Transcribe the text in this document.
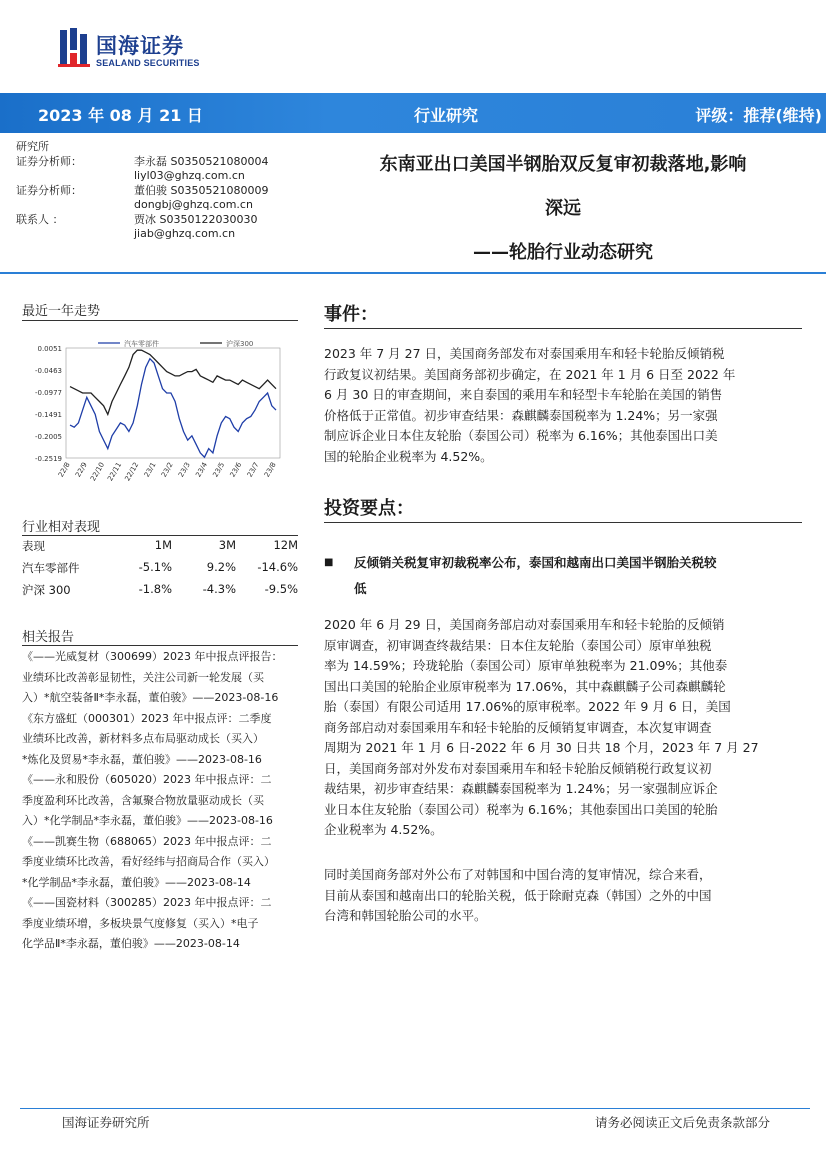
国海证券
SEALAND SECURITIES
2023 年 08 月 21 日	行业研究	评级：推荐(维持)
研究所
证券分析师：	李永磊 S0350521080004
liyl03@ghzq.com.cn
证券分析师：	董伯骏 S0350521080009
dongbj@ghzq.com.cn
联系人 ：	贾冰 S0350122030030
jiab@ghzq.com.cn
东南亚出口美国半钢胎双反复审初裁落地,影响
深远
——轮胎行业动态研究
最近一年走势
0.0051
-0.0463
-0.0977
-0.1491
-0.2005
-0.2519
22/8 22/9 22/10 22/11 22/12 23/1 23/2 23/3 23/4 23/5 23/6 23/7 23/8
汽车零部件	沪深300
行业相对表现
表现	1M	3M	12M
汽车零部件	-5.1%	9.2% -14.6%
沪深 300	-1.8%	-4.3% -9.5%
相关报告
《——光威复材（300699）2023 年中报点评报告：
业绩环比改善彰显韧性，关注公司新一轮发展（买
入）*航空装备Ⅱ*李永磊，董伯骏》——2023-08-16
《东方盛虹（000301）2023 年中报点评：二季度
业绩环比改善，新材料多点布局驱动成长（买入）
*炼化及贸易*李永磊，董伯骏》——2023-08-16
《——永和股份（605020）2023 年中报点评：二
季度盈利环比改善，含氟聚合物放量驱动成长（买
入）*化学制品*李永磊，董伯骏》——2023-08-16
《——凯赛生物（688065）2023 年中报点评：二
季度业绩环比改善，看好经纬与招商局合作（买入）
*化学制品*李永磊，董伯骏》——2023-08-14
《——国瓷材料（300285）2023 年中报点评：二
季度业绩环增，多板块景气度修复（买入）*电子
化学品Ⅱ*李永磊，董伯骏》——2023-08-14
事件：
2023 年 7 月 27 日，美国商务部发布对泰国乘用车和轻卡轮胎反倾销税
行政复议初结果。美国商务部初步确定，在 2021 年 1 月 6 日至 2022 年
6 月 30 日的审查期间，来自泰国的乘用车和轻型卡车轮胎在美国的销售
价格低于正常值。初步审查结果：森麒麟泰国税率为 1.24%；另一家强
制应诉企业日本住友轮胎（泰国公司）税率为 6.16%；其他泰国出口美
国的轮胎企业税率为 4.52%。
投资要点：
■ 反倾销关税复审初裁税率公布，泰国和越南出口美国半钢胎关税较
低
2020 年 6 月 29 日，美国商务部启动对泰国乘用车和轻卡轮胎的反倾销
原审调查，初审调查终裁结果：日本住友轮胎（泰国公司）原审单独税
率为 14.59%；玲珑轮胎（泰国公司）原审单独税率为 21.09%；其他泰
国出口美国的轮胎企业原审税率为 17.06%，其中森麒麟子公司森麒麟轮
胎（泰国）有限公司适用 17.06%的原审税率。2022 年 9 月 6 日，美国
商务部启动对泰国乘用车和轻卡轮胎的反倾销复审调查，本次复审调查
周期为 2021 年 1 月 6 日-2022 年 6 月 30 日共 18 个月，2023 年 7 月 27
日，美国商务部对外发布对泰国乘用车和轻卡轮胎反倾销税行政复议初
裁结果，初步审查结果：森麒麟泰国税率为 1.24%；另一家强制应诉企
业日本住友轮胎（泰国公司）税率为 6.16%；其他泰国出口美国的轮胎
企业税率为 4.52%。
同时美国商务部对外公布了对韩国和中国台湾的复审情况，综合来看，
目前从泰国和越南出口的轮胎关税，低于除耐克森（韩国）之外的中国
台湾和韩国轮胎公司的水平。
国海证券研究所	请务必阅读正文后免责条款部分
